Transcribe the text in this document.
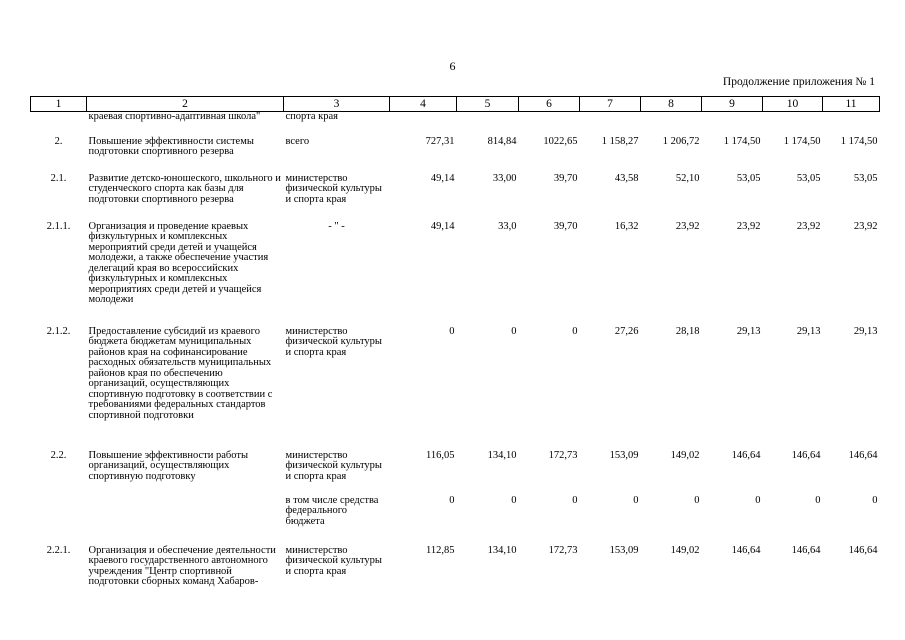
6
Продолжение приложения № 1
1	2	3	4	5	6	7	8	9	10	11
	краевая спортивно-адаптивная школа"	спорта края								
2.	Повышение эффективности системы подготовки спортивного резерва	всего	727,31	814,84	1022,65	1 158,27	1 206,72	1 174,50	1 174,50	1 174,50
2.1.	Развитие детско-юношеского, школьного и студенческого спорта как базы для подготовки спортивного резерва	министерство физической культуры и спорта края	49,14	33,00	39,70	43,58	52,10	53,05	53,05	53,05
2.1.1.	Организация и проведение краевых физкультурных и комплексных мероприятий среди детей и учащейся молодежи, а также обеспечение участия делегаций края во всероссийских физкультурных и комплексных мероприятиях среди детей и учащейся молодежи	- " -	49,14	33,0	39,70	16,32	23,92	23,92	23,92	23,92
2.1.2.	Предоставление субсидий из краевого бюджета бюджетам муниципальных районов края на софинансирование расходных обязательств муниципальных районов края по обеспечению организаций, осуществляющих спортивную подготовку в соответствии с требованиями федеральных стандартов спортивной подготовки	министерство физической культуры и спорта края	0	0	0	27,26	28,18	29,13	29,13	29,13
2.2.	Повышение эффективности работы организаций, осуществляющих спортивную подготовку	министерство физической культуры и спорта края	116,05	134,10	172,73	153,09	149,02	146,64	146,64	146,64
		в том числе средства федерального бюджета	0	0	0	0	0	0	0	0
2.2.1.	Организация и обеспечение деятельности краевого государственного автономного учреждения "Центр спортивной подготовки сборных команд Хабаров-	министерство физической культуры и спорта края	112,85	134,10	172,73	153,09	149,02	146,64	146,64	146,64
